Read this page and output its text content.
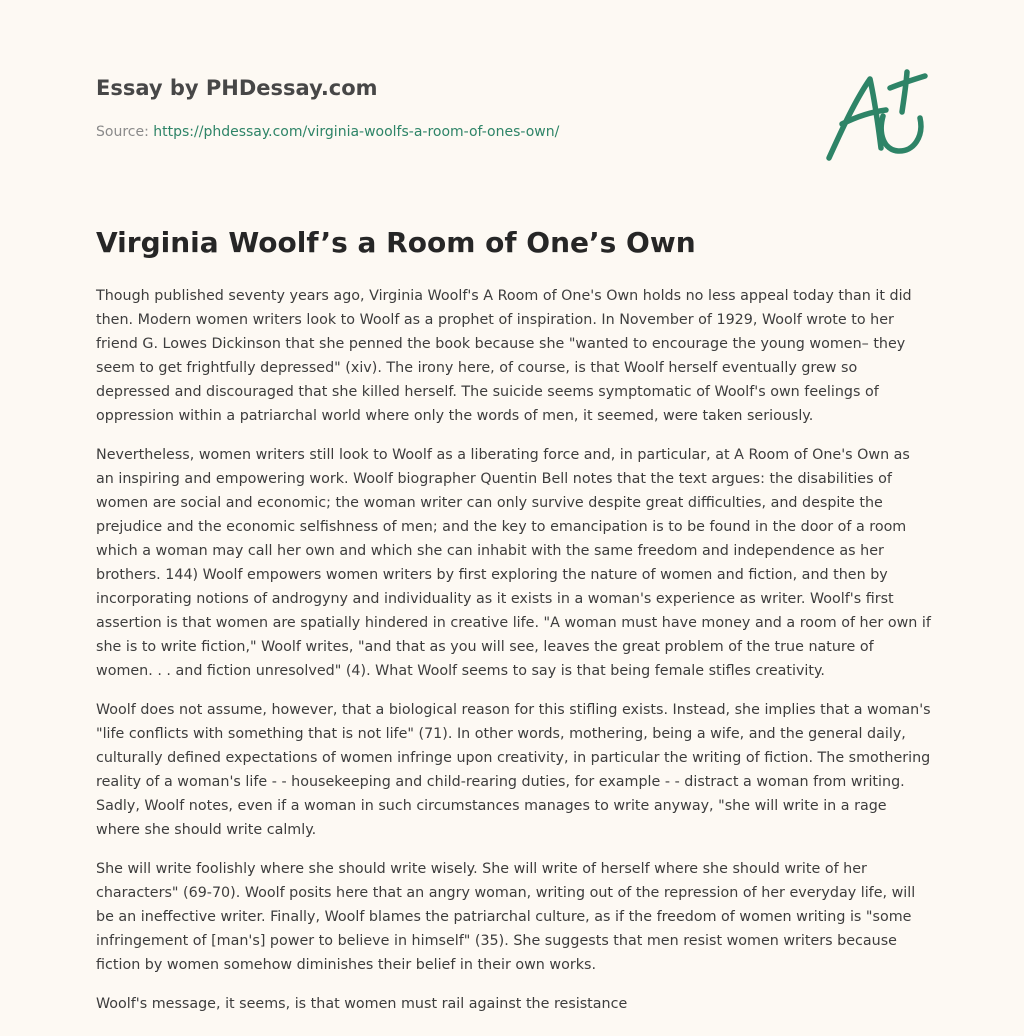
Essay by PHDessay.com

Source: https://phdessay.com/virginia-woolfs-a-room-of-ones-own/

Virginia Woolf’s a Room of One’s Own

Though published seventy years ago, Virginia Woolf's A Room of One's Own holds no less appeal today than it did then. Modern women writers look to Woolf as a prophet of inspiration. In November of 1929, Woolf wrote to her friend G. Lowes Dickinson that she penned the book because she "wanted to encourage the young women– they seem to get frightfully depressed" (xiv). The irony here, of course, is that Woolf herself eventually grew so depressed and discouraged that she killed herself. The suicide seems symptomatic of Woolf's own feelings of oppression within a patriarchal world where only the words of men, it seemed, were taken seriously.

Nevertheless, women writers still look to Woolf as a liberating force and, in particular, at A Room of One's Own as an inspiring and empowering work. Woolf biographer Quentin Bell notes that the text argues: the disabilities of women are social and economic; the woman writer can only survive despite great difficulties, and despite the prejudice and the economic selfishness of men; and the key to emancipation is to be found in the door of a room which a woman may call her own and which she can inhabit with the same freedom and independence as her brothers. 144) Woolf empowers women writers by first exploring the nature of women and fiction, and then by incorporating notions of androgyny and individuality as it exists in a woman's experience as writer. Woolf's first assertion is that women are spatially hindered in creative life. "A woman must have money and a room of her own if she is to write fiction," Woolf writes, "and that as you will see, leaves the great problem of the true nature of women. . . and fiction unresolved" (4). What Woolf seems to say is that being female stifles creativity.

Woolf does not assume, however, that a biological reason for this stifling exists. Instead, she implies that a woman's "life conflicts with something that is not life" (71). In other words, mothering, being a wife, and the general daily, culturally defined expectations of women infringe upon creativity, in particular the writing of fiction. The smothering reality of a woman's life - - housekeeping and child-rearing duties, for example - - distract a woman from writing. Sadly, Woolf notes, even if a woman in such circumstances manages to write anyway, "she will write in a rage where she should write calmly.

She will write foolishly where she should write wisely. She will write of herself where she should write of her characters" (69-70). Woolf posits here that an angry woman, writing out of the repression of her everyday life, will be an ineffective writer. Finally, Woolf blames the patriarchal culture, as if the freedom of women writing is "some infringement of [man's] power to believe in himself" (35). She suggests that men resist women writers because fiction by women somehow diminishes their belief in their own works.

Woolf's message, it seems, is that women must rail against the resistance
